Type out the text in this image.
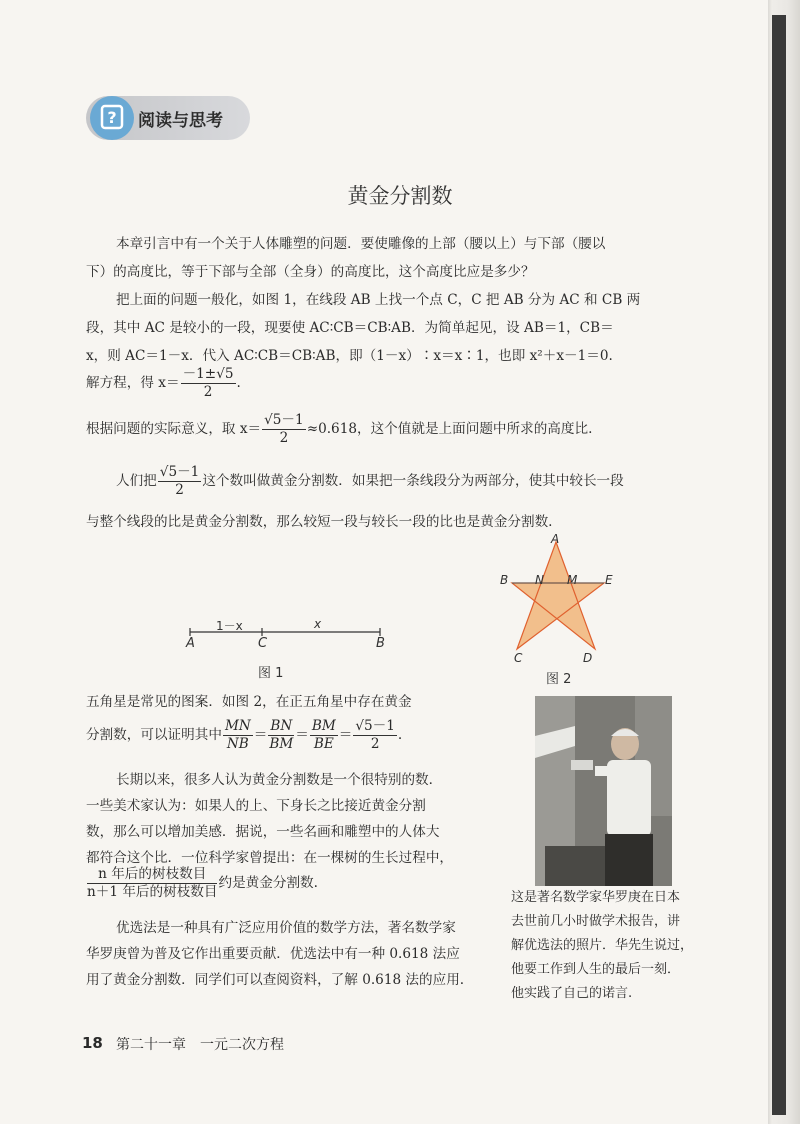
? 阅读与思考
黄金分割数
本章引言中有一个关于人体雕塑的问题．要使雕像的上部（腰以上）与下部（腰以
下）的高度比，等于下部与全部（全身）的高度比，这个高度比应是多少？
把上面的问题一般化，如图 1，在线段 AB 上找一个点 C，C 把 AB 分为 AC 和 CB 两
段，其中 AC 是较小的一段，现要使 AC∶CB＝CB∶AB．为简单起见，设 AB＝1，CB＝
x，则 AC＝1－x．代入 AC∶CB＝CB∶AB，即（1－x）∶x＝x∶1，也即 x²＋x－1＝0.
解方程，得 $x= \frac{-1\pm√5}{2}$ .
根据问题的实际意义，取 $x= \frac{√5-1}{2} \approx 0.618$，这个值就是上面问题中所求的高度比.
人们把 $\frac{√5-1}{2}$ 这个数叫做黄金分割数．如果把一条线段分为两部分，使其中较长一段
与整个线段的比是黄金分割数，那么较短一段与较长一段的比也是黄金分割数.
1－x	x
A	C	B
图 1
A
B N M E
C	D
图 2
五角星是常见的图案．如图 2，在正五角星中存在黄金
分割数，可以证明其中 $\frac{MN}{NB} = \frac{BN}{BM} = \frac{BM}{BE} = \frac{√5-1}{2}$ .
长期以来，很多人认为黄金分割数是一个很特别的数．
一些美术家认为：如果人的上、下身长之比接近黄金分割
数，那么可以增加美感．据说，一些名画和雕塑中的人体大
都符合这个比．一位科学家曾提出：在一棵树的生长过程中，
$\frac{\text{n 年后的树枝数目}}{\text{n＋1 年后的树枝数目}}$ 约是黄金分割数.
优选法是一种具有广泛应用价值的数学方法，著名数学家
华罗庚曾为普及它作出重要贡献．优选法中有一种 0.618 法应
用了黄金分割数．同学们可以查阅资料，了解 0.618 法的应用.
这是著名数学家华罗庚在日本
去世前几小时做学术报告，讲
解优选法的照片．华先生说过，
他要工作到人生的最后一刻．
他实践了自己的诺言.
18 第二十一章　一元二次方程
